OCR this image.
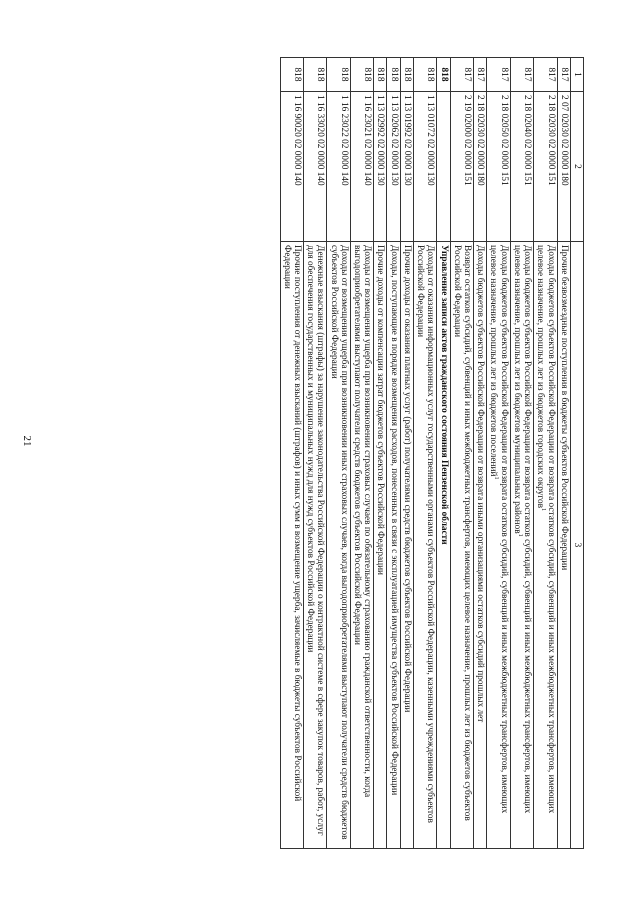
21
1	2	3
817	2 07 02030 02 0000 180	Прочие безвозмездные поступления в бюджеты субъектов Российской Федерации
817	2 18 02030 02 0000 151	Доходы бюджетов субъектов Российской Федерации от возврата остатков субсидий, субвенций и иных межбюджетных трансфертов, имеющих целевое назначение, прошлых лет из бюджетов городских округов$^1$
817	2 18 02040 02 0000 151	Доходы бюджетов субъектов Российской Федерации от возврата остатков субсидий, субвенций и иных межбюджетных трансфертов, имеющих целевое назначение, прошлых лет из бюджетов муниципальных районов$^1$
817	2 18 02050 02 0000 151	Доходы бюджетов субъектов Российской Федерации от возврата остатков субсидий, субвенций и иных межбюджетных трансфертов, имеющих целевое назначение, прошлых лет из бюджетов поселений$^1$
817	2 18 02030 02 0000 180	Доходы бюджетов субъектов Российской Федерации от возврата иными организациями остатков субсидий прошлых лет
817	2 19 02000 02 0000 151	Возврат остатков субсидий, субвенций и иных межбюджетных трансфертов, имеющих целевое назначение, прошлых лет из бюджетов субъектов Российской Федерации
818		Управление записи актов гражданского состояния Пензенской области
818	1 13 01072 02 0000 130	Доходы от оказания информационных услуг государственными органами субъектов Российской Федерации, казенными учреждениями субъектов Российской Федерации
818	1 13 01992 02 0000 130	Прочие доходы от оказания платных услуг (работ) получателями средств бюджетов субъектов Российской Федерации
818	1 13 02062 02 0000 130	Доходы, поступающие в порядке возмещения расходов, понесенных в связи с эксплуатацией имущества субъектов Российской Федерации
818	1 13 02992 02 0000 130	Прочие доходы от компенсации затрат бюджетов субъектов Российской Федерации
818	1 16 23021 02 0000 140	Доходы от возмещения ущерба при возникновении страховых случаев по обязательному страхованию гражданской ответственности, когда выгодоприобретателями выступают получатели средств бюджетов субъектов Российской Федерации
818	1 16 23022 02 0000 140	Доходы от возмещения ущерба при возникновении иных страховых случаев, когда выгодоприобретателями выступают получатели средств бюджетов субъектов Российской Федерации
818	1 16 33020 02 0000 140	Денежные взыскания (штрафы) за нарушение законодательства Российской Федерации о контрактной системе в сфере закупок товаров, работ, услуг для обеспечения государственных и муниципальных нужд для нужд субъектов Российской Федерации
818	1 16 90020 02 0000 140	Прочие поступления от денежных взысканий (штрафов) и иных сумм в возмещение ущерба, зачисляемые в бюджеты субъектов Российской Федерации
